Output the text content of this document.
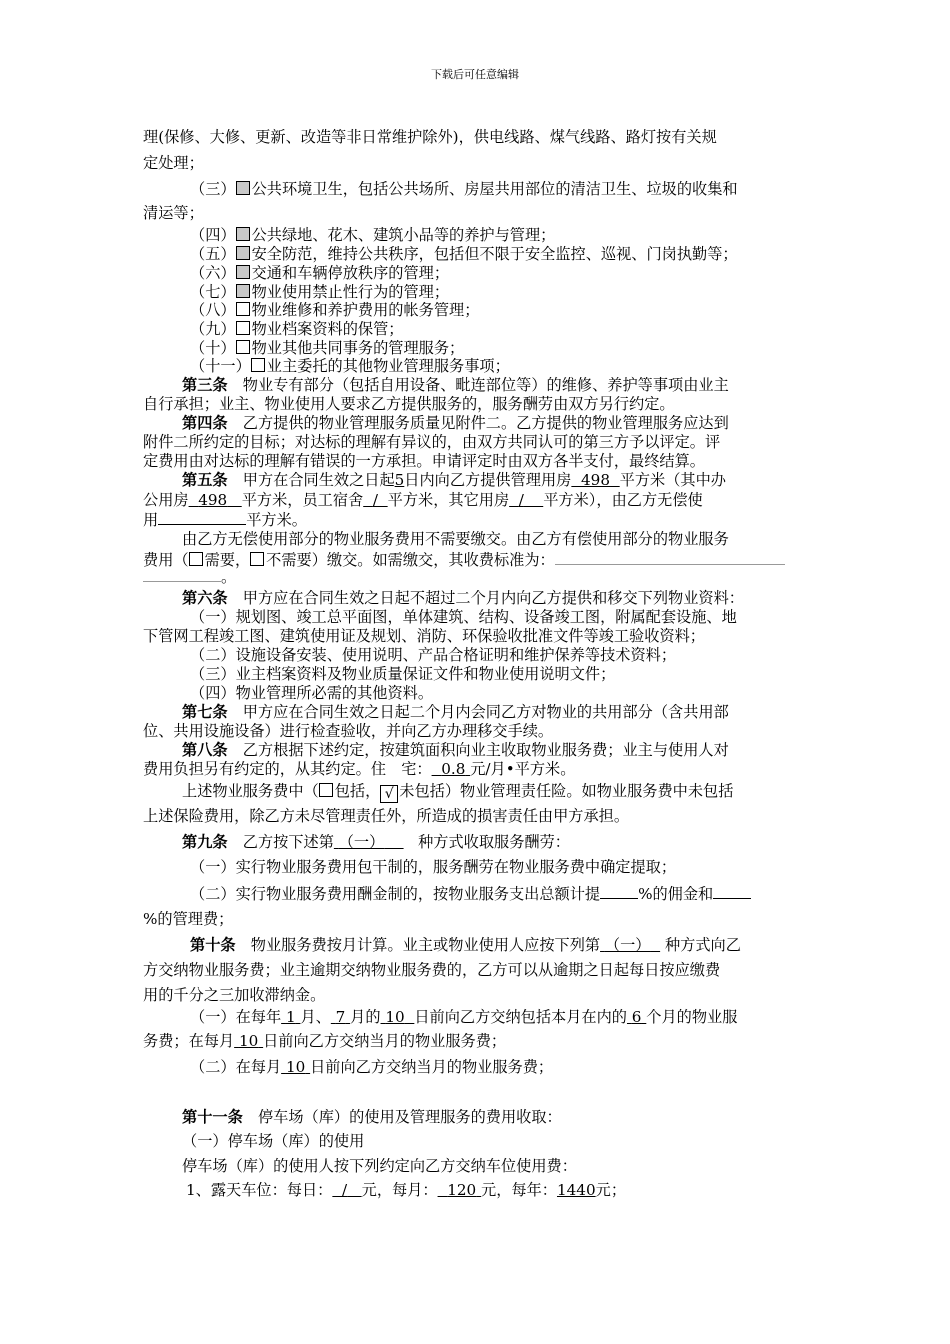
下载后可任意编辑
理(保修、大修、更新、改造等非日常维护除外)，供电线路、煤气线路、路灯按有关规
定处理；
（三） 公共环境卫生，包括公共场所、房屋共用部位的清洁卫生、垃圾的收集和
清运等；
（四） 公共绿地、花木、建筑小品等的养护与管理；
（五） 安全防范，维持公共秩序，包括但不限于安全监控、巡视、门岗执勤等；
（六） 交通和车辆停放秩序的管理；
（七） 物业使用禁止性行为的管理；
（八） 物业维修和养护费用的帐务管理；
（九） 物业档案资料的保管；
（十） 物业其他共同事务的管理服务；
（十一） 业主委托的其他物业管理服务事项；
第三条　 物业专有部分（包括自用设备、毗连部位等）的维修、养护等事项由业主
自行承担；业主、物业使用人要求乙方提供服务的，服务酬劳由双方另行约定。
第四条　 乙方提供的物业管理服务质量见附件二。乙方提供的物业管理服务应达到
附件二所约定的目标；对达标的理解有异议的，由双方共同认可的第三方予以评定。评
定费用由对达标的理解有错误的一方承担。申请评定时由双方各半支付，最终结算。
第五条　 甲方在合同生效之日起5日内向乙方提供管理用房 498 平方米（其中办
公用房 498 平方米，员工宿舍 / 平方米，其它用房 / 平方米），由乙方无偿使
用	平方米。
由乙方无偿使用部分的物业服务费用不需要缴交。由乙方有偿使用部分的物业服务
费用（ 需要， 不需要）缴交。如需缴交，其收费标准为：
。
第六条　 甲方应在合同生效之日起不超过二个月内向乙方提供和移交下列物业资料：
（一）规划图、竣工总平面图，单体建筑、结构、设备竣工图，附属配套设施、地
下管网工程竣工图、建筑使用证及规划、消防、环保验收批准文件等竣工验收资料；
（二）设施设备安装、使用说明、产品合格证明和维护保养等技术资料；
（三）业主档案资料及物业质量保证文件和物业使用说明文件；
（四）物业管理所必需的其他资料。
第七条　 甲方应在合同生效之日起二个月内会同乙方对物业的共用部分（含共用部
位、共用设施设备）进行检查验收，并向乙方办理移交手续。
第八条　 乙方根据下述约定，按建筑面积向业主收取物业服务费；业主与使用人对
费用负担另有约定的，从其约定。住　宅： 0.8 元/月•平方米。
上述物业服务费中（ 包括， √ 未包括）物业管理责任险。如物业服务费中未包括
上述保险费用，除乙方未尽管理责任外，所造成的损害责任由甲方承担。
第九条　 乙方按下述第 （一） 种方式收取服务酬劳：
（一）实行物业服务费用包干制的，服务酬劳在物业服务费中确定提取；
（二）实行物业服务费用酬金制的，按物业服务支出总额计提	%的佣金和
%的管理费；
第十条　 物业服务费按月计算。业主或物业使用人应按下列第 （一） 种方式向乙
方交纳物业服务费；业主逾期交纳物业服务费的，乙方可以从逾期之日起每日按应缴费
用的千分之三加收滞纳金。
（一）在每年 1 月、 7 月的 10 日前向乙方交纳包括本月在内的 6 个月的物业服
务费；在每月 10 日前向乙方交纳当月的物业服务费；
（二）在每月 10 日前向乙方交纳当月的物业服务费；
第十一条　 停车场（库）的使用及管理服务的费用收取：
（一）停车场（库）的使用
停车场（库）的使用人按下列约定向乙方交纳车位使用费：
1、露天车位：每日： / 元，每月： 120 元，每年：1440元；
